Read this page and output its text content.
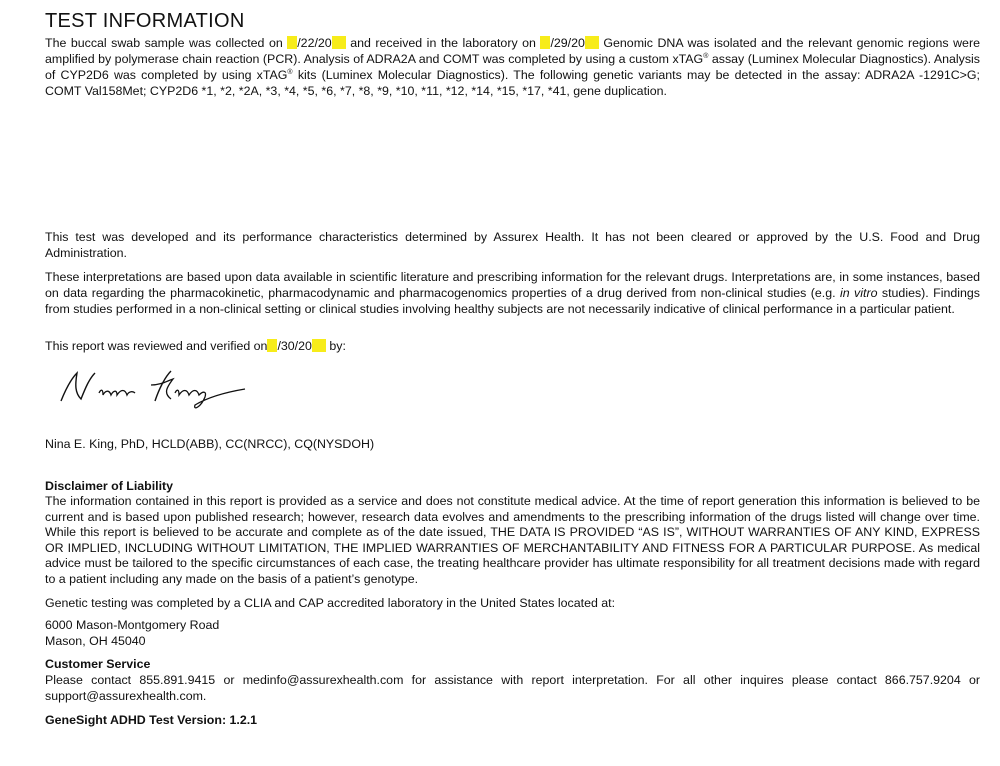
TEST INFORMATION

The buccal swab sample was collected on /22/20 and received in the laboratory on /29/20 Genomic DNA was isolated and the relevant genomic regions were amplified by polymerase chain reaction (PCR). Analysis of ADRA2A and COMT was completed by using a custom xTAG® assay (Luminex Molecular Diagnostics). Analysis of CYP2D6 was completed by using xTAG® kits (Luminex Molecular Diagnostics). The following genetic variants may be detected in the assay: ADRA2A -1291C>G; COMT Val158Met; CYP2D6 *1, *2, *2A, *3, *4, *5, *6, *7, *8, *9, *10, *11, *12, *14, *15, *17, *41, gene duplication.

This test was developed and its performance characteristics determined by Assurex Health. It has not been cleared or approved by the U.S. Food and Drug Administration.

These interpretations are based upon data available in scientific literature and prescribing information for the relevant drugs. Interpretations are, in some instances, based on data regarding the pharmacokinetic, pharmacodynamic and pharmacogenomics properties of a drug derived from non-clinical studies (e.g. in vitro studies). Findings from studies performed in a non-clinical setting or clinical studies involving healthy subjects are not necessarily indicative of clinical performance in a particular patient.

This report was reviewed and verified on /30/20 by:

Nina E. King, PhD, HCLD(ABB), CC(NRCC), CQ(NYSDOH)

Disclaimer of Liability

The information contained in this report is provided as a service and does not constitute medical advice. At the time of report generation this information is believed to be current and is based upon published research; however, research data evolves and amendments to the prescribing information of the drugs listed will change over time. While this report is believed to be accurate and complete as of the date issued, THE DATA IS PROVIDED “AS IS”, WITHOUT WARRANTIES OF ANY KIND, EXPRESS OR IMPLIED, INCLUDING WITHOUT LIMITATION, THE IMPLIED WARRANTIES OF MERCHANTABILITY AND FITNESS FOR A PARTICULAR PURPOSE. As medical advice must be tailored to the specific circumstances of each case, the treating healthcare provider has ultimate responsibility for all treatment decisions made with regard to a patient including any made on the basis of a patient’s genotype.

Genetic testing was completed by a CLIA and CAP accredited laboratory in the United States located at:

6000 Mason-Montgomery Road

Mason, OH 45040

Customer Service

Please contact 855.891.9415 or medinfo@assurexhealth.com for assistance with report interpretation. For all other inquires please contact 866.757.9204 or support@assurexhealth.com.

GeneSight ADHD Test Version: 1.2.1
